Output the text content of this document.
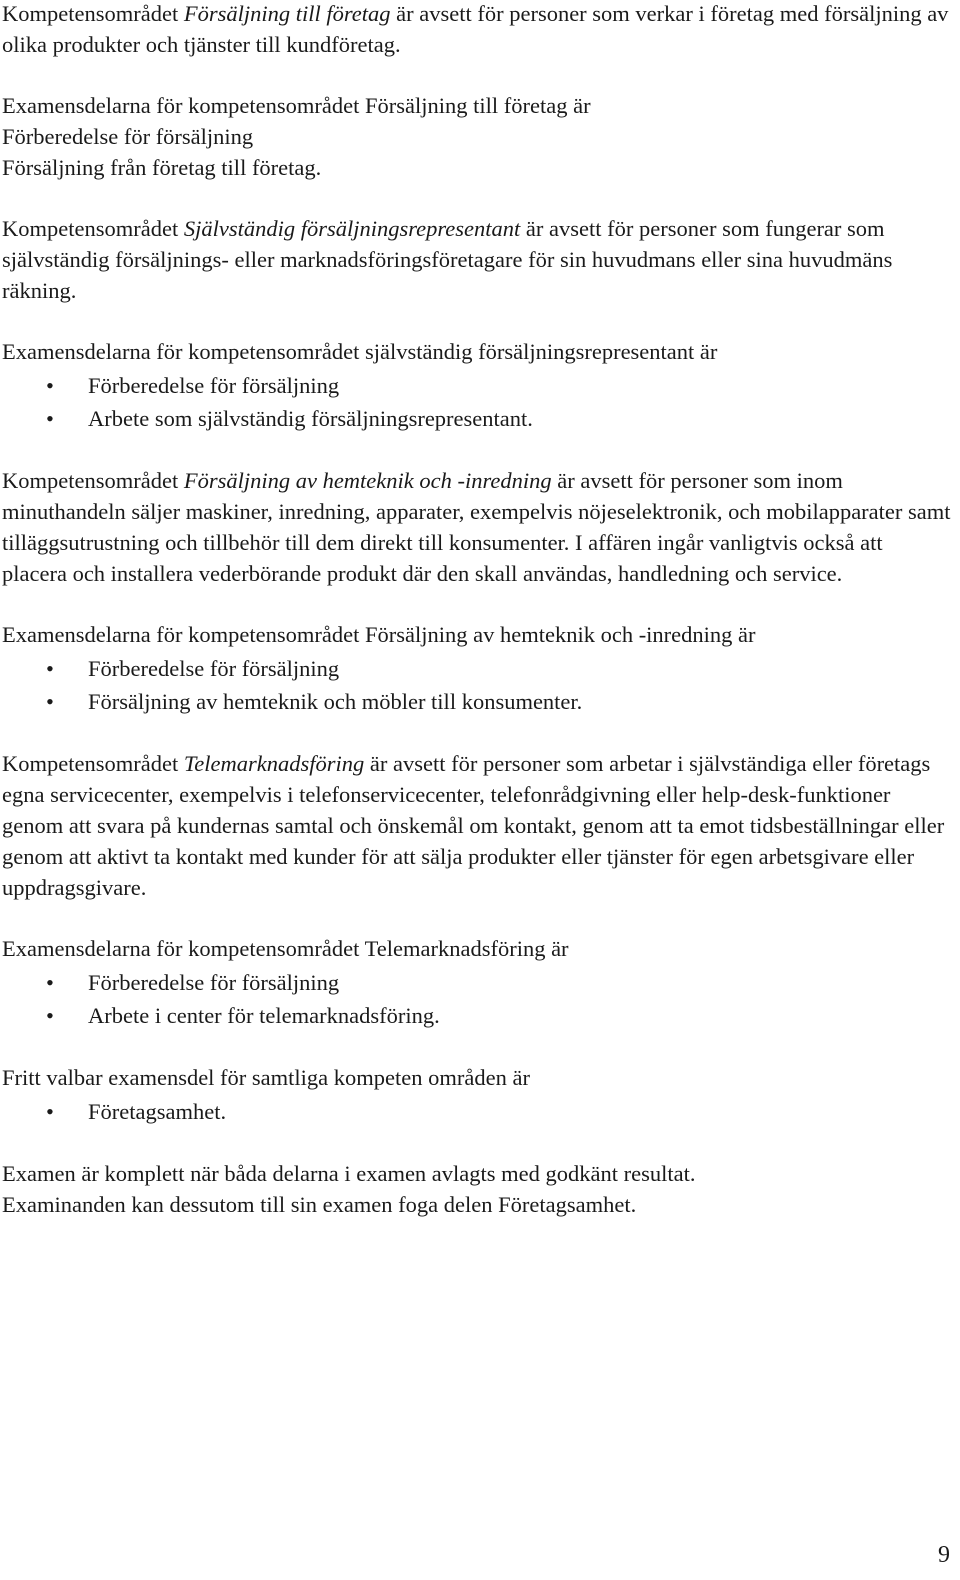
Kompetensområdet Försäljning till företag är avsett för personer som verkar i företag med försäljning av olika produkter och tjänster till kundföretag.

Examensdelarna för kompetensområdet Försäljning till företag är

Förberedelse för försäljning

Försäljning från företag till företag.

Kompetensområdet Självständig försäljningsrepresentant är avsett för personer som fungerar som självständig försäljnings- eller marknadsföringsföretagare för sin huvudmans eller sina huvudmäns räkning.

Examensdelarna för kompetensområdet självständig försäljningsrepresentant är

• Förberedelse för försäljning
• Arbete som självständig försäljningsrepresentant.

Kompetensområdet Försäljning av hemteknik och -inredning är avsett för personer som inom minuthandeln säljer maskiner, inredning, apparater, exempelvis nöjeselektronik, och mobilapparater samt tilläggsutrustning och tillbehör till dem direkt till konsumenter. I affären ingår vanligtvis också att placera och installera vederbörande produkt där den skall användas, handledning och service.

Examensdelarna för kompetensområdet Försäljning av hemteknik och -inredning är

• Förberedelse för försäljning
• Försäljning av hemteknik och möbler till konsumenter.

Kompetensområdet Telemarknadsföring är avsett för personer som arbetar i självständiga eller företags egna servicecenter, exempelvis i telefonservicecenter, telefonrådgivning eller help-desk-funktioner genom att svara på kundernas samtal och önskemål om kontakt, genom att ta emot tidsbeställningar eller genom att aktivt ta kontakt med kunder för att sälja produkter eller tjänster för egen arbetsgivare eller uppdragsgivare.

Examensdelarna för kompetensområdet Telemarknadsföring är

• Förberedelse för försäljning
• Arbete i center för telemarknadsföring.

Fritt valbar examensdel för samtliga kompeten områden är

• Företagsamhet.

Examen är komplett när båda delarna i examen avlagts med godkänt resultat.

Examinanden kan dessutom till sin examen foga delen Företagsamhet.

9
